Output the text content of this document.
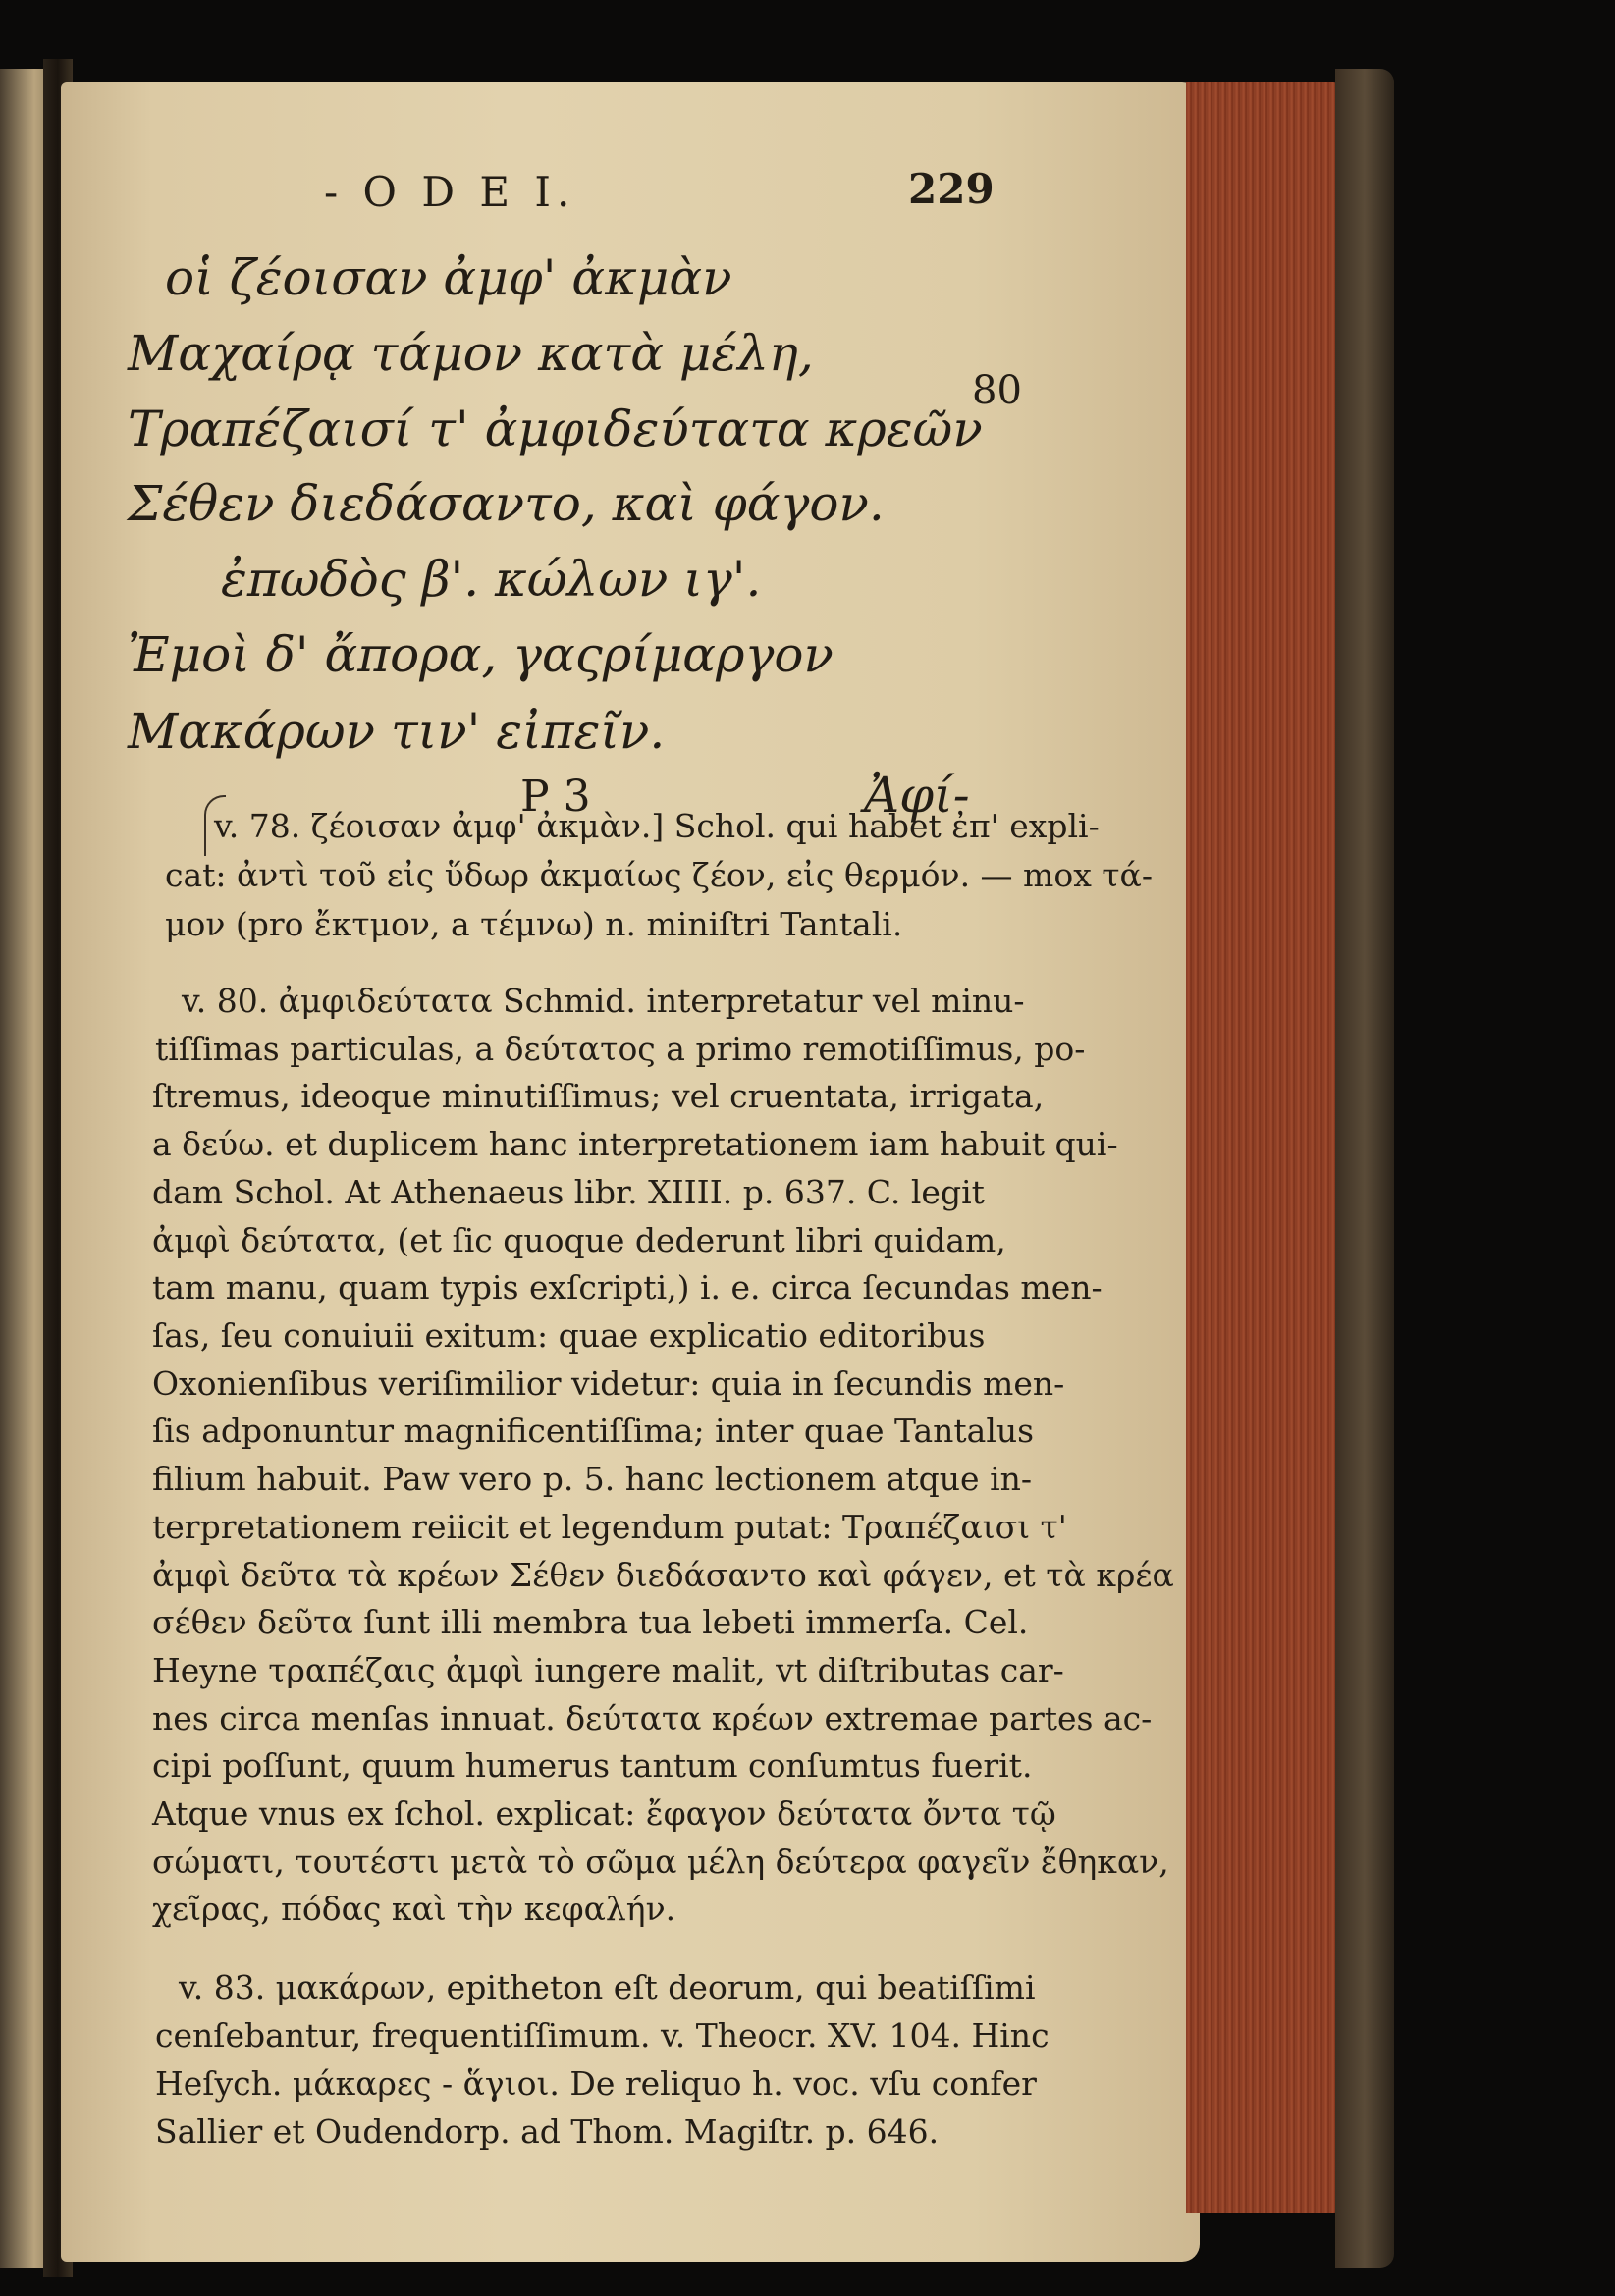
- O D E I.	229
οἱ ζέοισαν ἀμφ' ἀκμὰν
Μαχαίρᾳ τάμον κατὰ μέλη,
Τραπέζαισί τ' ἀμφιδεύτατα κρεῶν
Σέθεν διεδάσαντο, καὶ φάγον.
ἐπωδὸς β'. κώλων ιγ'.
Ἐμοὶ δ' ἄπορα, γαςρίμαργον
Μακάρων τιν' εἰπεῖν.
80
P 3	Ἀφί-
v. 78. ζέοισαν ἀμφ' ἀκμὰν.] Schol. qui habet ἐπ' expli-
cat: ἀντὶ τοῦ εἰς ὕδωρ ἀκμαίως ζέον, εἰς θερμόν. — mox τά-
μον (pro ἔκτμον, a τέμνω) n. miniſtri Tantali.
v. 80. ἀμφιδεύτατα Schmid. interpretatur vel minu-
tiſſimas particulas, a δεύτατος a primo remotiſſimus, po-
ſtremus, ideoque minutiſſimus; vel cruentata, irrigata,
a δεύω. et duplicem hanc interpretationem iam habuit qui-
dam Schol. At Athenaeus libr. XIIII. p. 637. C. legit
ἀμφὶ δεύτατα, (et ſic quoque dederunt libri quidam,
tam manu, quam typis exſcripti,) i. e. circa ſecundas men-
ſas, ſeu conuiuii exitum: quae explicatio editoribus
Oxonienſibus veriſimilior videtur: quia in ſecundis men-
ſis adponuntur magnificentiſſima; inter quae Tantalus
filium habuit. Paw vero p. 5. hanc lectionem atque in-
terpretationem reiicit et legendum putat: Τραπέζαισι τ'
ἀμφὶ δεῦτα τὰ κρέων Σέθεν διεδάσαντο καὶ φάγεν, et τὰ κρέα
σέθεν δεῦτα ſunt illi membra tua lebeti immerſa. Cel.
Heyne τραπέζαις ἀμφὶ iungere malit, vt diſtributas car-
nes circa menſas innuat. δεύτατα κρέων extremae partes ac-
cipi poſſunt, quum humerus tantum conſumtus fuerit.
Atque vnus ex ſchol. explicat: ἔφαγον δεύτατα ὄντα τῷ
σώματι, τουτέστι μετὰ τὸ σῶμα μέλη δεύτερα φαγεῖν ἔθηκαν,
χεῖρας, πόδας καὶ τὴν κεφαλήν.
v. 83. μακάρων, epitheton eſt deorum, qui beatiſſimi
cenſebantur, frequentiſſimum. v. Theocr. XV. 104. Hinc
Heſych. μάκαρες - ἅγιοι. De reliquo h. voc. vſu confer
Sallier et Oudendorp. ad Thom. Magiſtr. p. 646.
